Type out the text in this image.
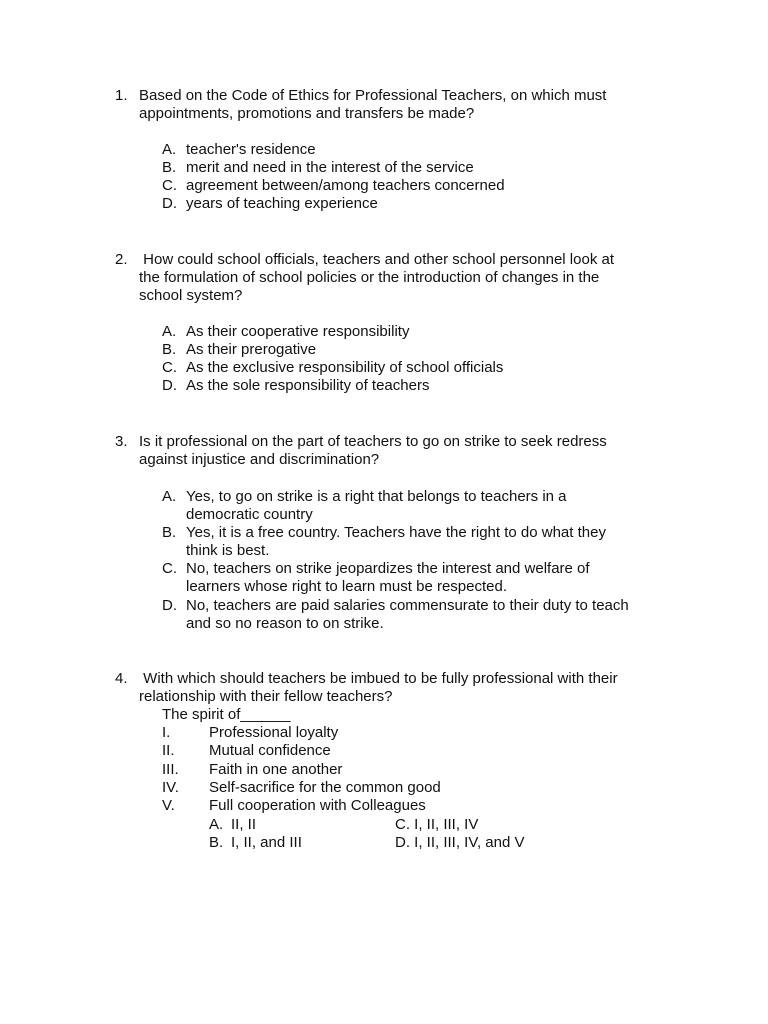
1. Based on the Code of Ethics for Professional Teachers, on which must
appointments, promotions and transfers be made?
A. teacher's residence
B. merit and need in the interest of the service
C. agreement between/among teachers concerned
D. years of teaching experience
2. How could school officials, teachers and other school personnel look at
the formulation of school policies or the introduction of changes in the
school system?
A. As their cooperative responsibility
B. As their prerogative
C. As the exclusive responsibility of school officials
D. As the sole responsibility of teachers
3. Is it professional on the part of teachers to go on strike to seek redress
against injustice and discrimination?
A. Yes, to go on strike is a right that belongs to teachers in a
democratic country
B. Yes, it is a free country. Teachers have the right to do what they
think is best.
C. No, teachers on strike jeopardizes the interest and welfare of
learners whose right to learn must be respected.
D. No, teachers are paid salaries commensurate to their duty to teach
and so no reason to on strike.
4. With which should teachers be imbued to be fully professional with their
relationship with their fellow teachers?
The spirit of______
I.	Professional loyalty
II. Mutual confidence
III. Faith in one another
IV. Self-sacrifice for the common good
V. Full cooperation with Colleagues
A. II, II	C. I, II, III, IV
B. I, II, and III	D. I, II, III, IV, and V
